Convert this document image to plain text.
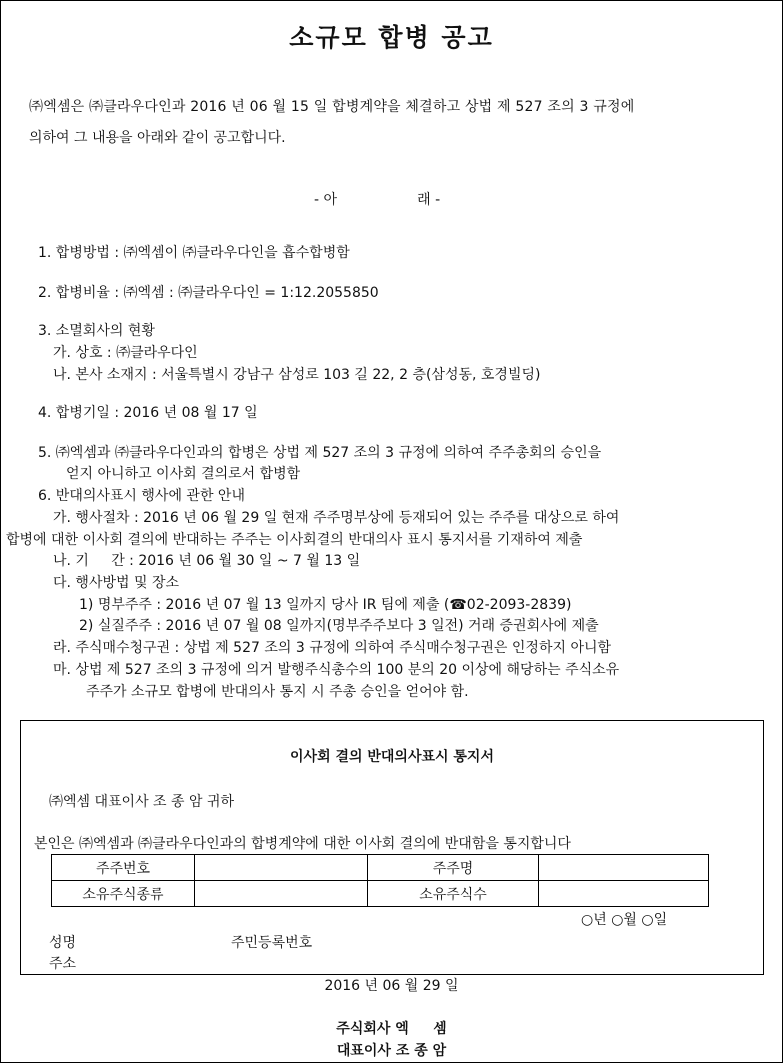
소규모 합병 공고
㈜엑셈은 ㈜클라우다인과 2016 년 06 월 15 일 합병계약을 체결하고 상법 제 527 조의 3 규정에
의하여 그 내용을 아래와 같이 공고합니다.
- 아                  래 -
1. 합병방법 : ㈜엑셈이 ㈜클라우다인을 흡수합병함
2. 합병비율 : ㈜엑셈 : ㈜클라우다인 = 1:12.2055850
3. 소멸회사의 현황
가. 상호 : ㈜클라우다인
나. 본사 소재지 : 서울특별시 강남구 삼성로 103 길 22, 2 층(삼성동, 호경빌딩)
4. 합병기일 : 2016 년 08 월 17 일
5. ㈜엑셈과 ㈜클라우다인과의 합병은 상법 제 527 조의 3 규정에 의하여 주주총회의 승인을
얻지 아니하고 이사회 결의로서 합병함
6. 반대의사표시 행사에 관한 안내
가. 행사절차 : 2016 년 06 월 29 일 현재 주주명부상에 등재되어 있는 주주를 대상으로 하여
합병에 대한 이사회 결의에 반대하는 주주는 이사회결의 반대의사 표시 통지서를 기재하여 제출
나. 기     간 : 2016 년 06 월 30 일 ~ 7 월 13 일
다. 행사방법 및 장소
1) 명부주주 : 2016 년 07 월 13 일까지 당사 IR 팀에 제출 (☎02-2093-2839)
2) 실질주주 : 2016 년 07 월 08 일까지(명부주주보다 3 일전) 거래 증권회사에 제출
라. 주식매수청구권 : 상법 제 527 조의 3 규정에 의하여 주식매수청구권은 인정하지 아니함
마. 상법 제 527 조의 3 규정에 의거 발행주식총수의 100 분의 20 이상에 해당하는 주식소유
주주가 소규모 합병에 반대의사 통지 시 주총 승인을 얻어야 함.
이사회 결의 반대의사표시 통지서
㈜엑셈 대표이사 조 종 암 귀하
본인은 ㈜엑셈과 ㈜클라우다인과의 합병계약에 대한 이사회 결의에 반대함을 통지합니다
주주번호		주주명	
소유주식종류		소유주식수	
○년 ○월 ○일
성명	주민등록번호
주소
2016 년 06 월 29 일
주식회사 엑     셈
대표이사 조 종 암
